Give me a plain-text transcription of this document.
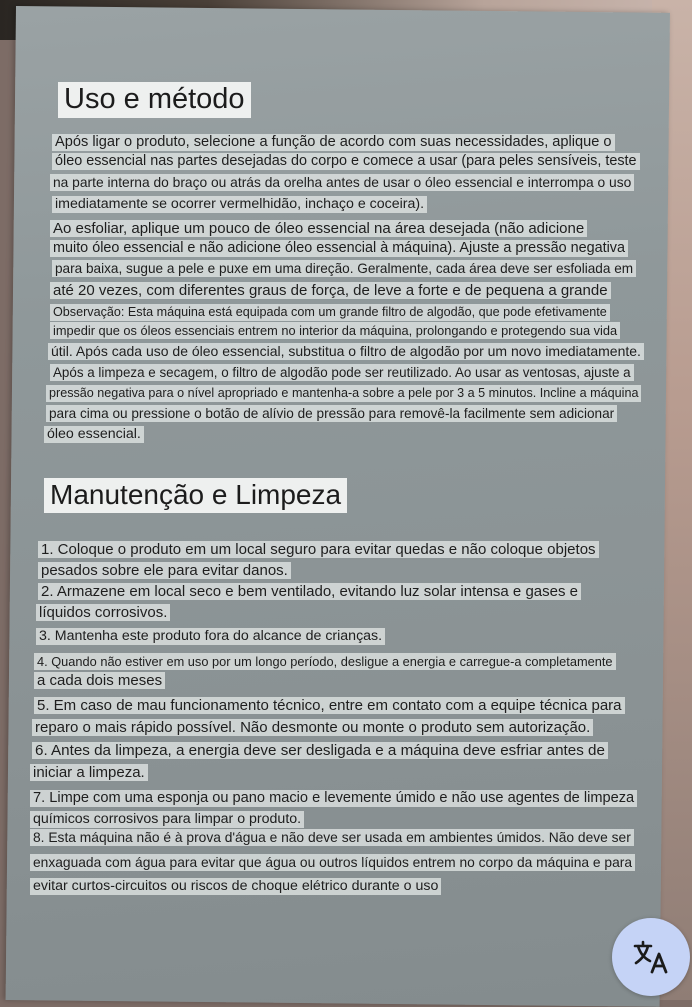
Uso e método
Após ligar o produto, selecione a função de acordo com suas necessidades, aplique o
óleo essencial nas partes desejadas do corpo e comece a usar (para peles sensíveis, teste
na parte interna do braço ou atrás da orelha antes de usar o óleo essencial e interrompa o uso
imediatamente se ocorrer vermelhidão, inchaço e coceira).
Ao esfoliar, aplique um pouco de óleo essencial na área desejada (não adicione
muito óleo essencial e não adicione óleo essencial à máquina). Ajuste a pressão negativa
para baixa, sugue a pele e puxe em uma direção. Geralmente, cada área deve ser esfoliada em
até 20 vezes, com diferentes graus de força, de leve a forte e de pequena a grande
Observação: Esta máquina está equipada com um grande filtro de algodão, que pode efetivamente
impedir que os óleos essenciais entrem no interior da máquina, prolongando e protegendo sua vida
útil. Após cada uso de óleo essencial, substitua o filtro de algodão por um novo imediatamente.
Após a limpeza e secagem, o filtro de algodão pode ser reutilizado. Ao usar as ventosas, ajuste a
pressão negativa para o nível apropriado e mantenha-a sobre a pele por 3 a 5 minutos. Incline a máquina
para cima ou pressione o botão de alívio de pressão para removê-la facilmente sem adicionar
óleo essencial.
Manutenção e Limpeza
1. Coloque o produto em um local seguro para evitar quedas e não coloque objetos
pesados sobre ele para evitar danos.
2. Armazene em local seco e bem ventilado, evitando luz solar intensa e gases e
líquidos corrosivos.
3. Mantenha este produto fora do alcance de crianças.
4. Quando não estiver em uso por um longo período, desligue a energia e carregue-a completamente
a cada dois meses
5. Em caso de mau funcionamento técnico, entre em contato com a equipe técnica para
reparo o mais rápido possível. Não desmonte ou monte o produto sem autorização.
6. Antes da limpeza, a energia deve ser desligada e a máquina deve esfriar antes de
iniciar a limpeza.
7. Limpe com uma esponja ou pano macio e levemente úmido e não use agentes de limpeza
químicos corrosivos para limpar o produto.
8. Esta máquina não é à prova d'água e não deve ser usada em ambientes úmidos. Não deve ser
enxaguada com água para evitar que água ou outros líquidos entrem no corpo da máquina e para
evitar curtos-circuitos ou riscos de choque elétrico durante o uso
